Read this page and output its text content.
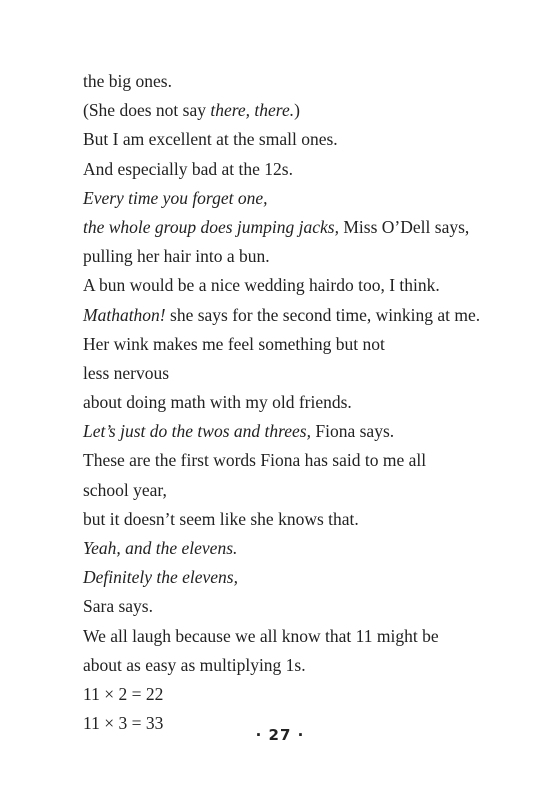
the big ones.
(She does not say there, there.)
But I am excellent at the small ones.
And especially bad at the 12s.
Every time you forget one,
the whole group does jumping jacks, Miss O’Dell says,
pulling her hair into a bun.
A bun would be a nice wedding hairdo too, I think.
Mathathon! she says for the second time, winking at me.
Her wink makes me feel something but not
less nervous
about doing math with my old friends.
Let’s just do the twos and threes, Fiona says.
These are the first words Fiona has said to me all
school year,
but it doesn’t seem like she knows that.
Yeah, and the elevens.
Definitely the elevens,
Sara says.
We all laugh because we all know that 11 might be
about as easy as multiplying 1s.
11 × 2 = 22
11 × 3 = 33
· 27 ·
